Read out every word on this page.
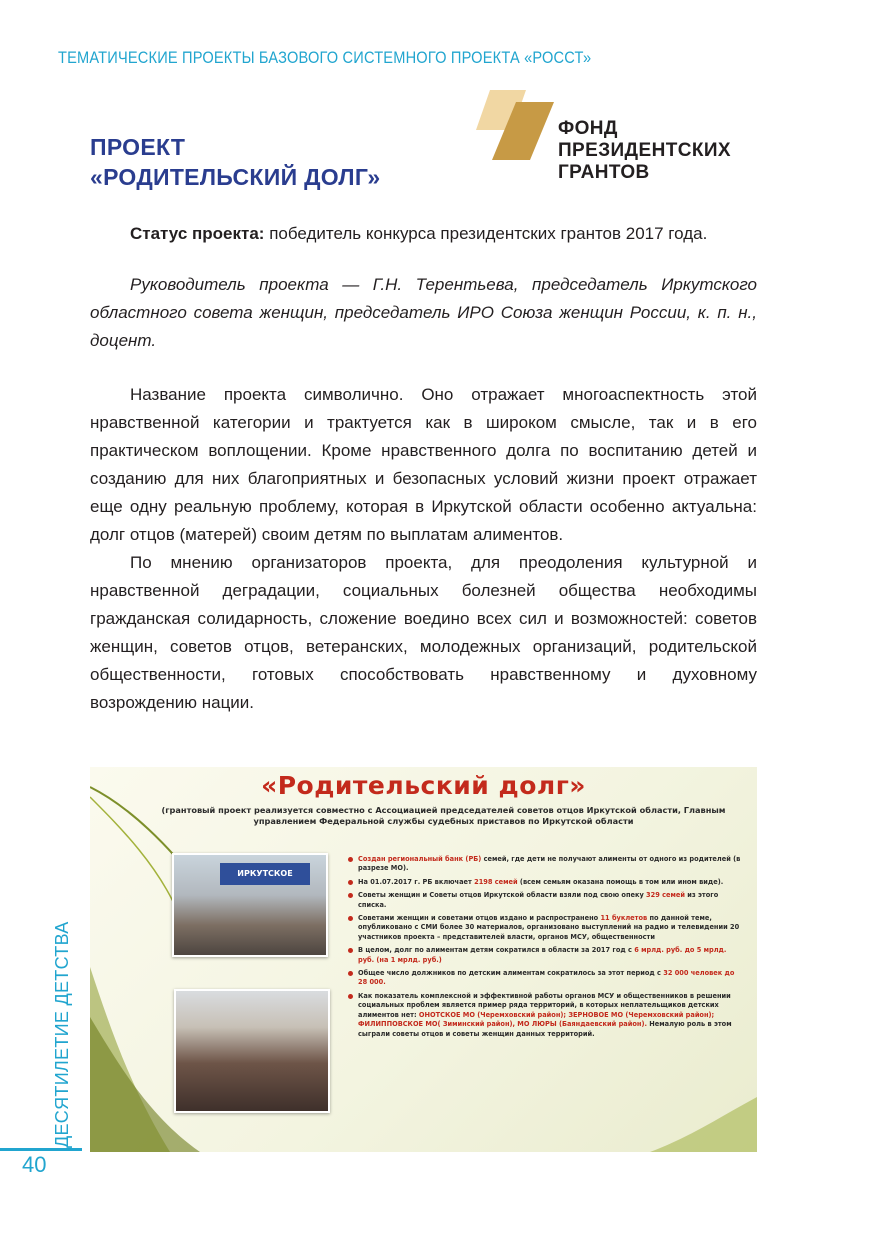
ТЕМАТИЧЕСКИЕ ПРОЕКТЫ БАЗОВОГО СИСТЕМНОГО ПРОЕКТА «РОССТ»
ПРОЕКТ
«РОДИТЕЛЬСКИЙ ДОЛГ»
ФОНД
ПРЕЗИДЕНТСКИХ
ГРАНТОВ
Статус проекта: победитель конкурса президентских грантов 2017 года.
Руководитель проекта — Г.Н. Терентьева, председатель Иркутского областного совета женщин, председатель ИРО Союза женщин России, к. п. н., доцент.

Название проекта символично. Оно отражает многоаспектность этой нравственной категории и трактуется как в широком смысле, так и в его практическом воплощении. Кроме нравственного долга по воспитанию детей и созданию для них благоприятных и безопасных условий жизни проект отражает еще одну реальную проблему, которая в Иркутской области особенно актуальна: долг отцов (матерей) своим детям по выплатам алиментов.

По мнению организаторов проекта, для преодоления культурной и нравственной деградации, социальных болезней общества необходимы гражданская солидарность, сложение воедино всех сил и возможностей: советов женщин, советов отцов, ветеранских, молодежных организаций, родительской общественности, готовых способствовать нравственному и духовному возрождению нации.

«Родительский долг»
(грантовый проект реализуется совместно с Ассоциацией председателей советов отцов Иркутской области, Главным управлением Федеральной службы судебных приставов по Иркутской области
ИРКУТСКОЕ
Создан региональный банк (РБ) семей, где дети не получают алименты от одного из родителей (в разрезе МО).
На 01.07.2017 г. РБ включает 2198 семей (всем семьям оказана помощь в том или ином виде).
Советы женщин и Советы отцов Иркутской области взяли под свою опеку 329 семей из этого списка.
Советами женщин и советами отцов издано и распространено 11 буклетов по данной теме, опубликовано с СМИ более 30 материалов, организовано выступлений на радио и телевидении 20 участников проекта – представителей власти, органов МСУ, общественности
В целом, долг по алиментам детям сократился в области за 2017 год с 6 мрлд. руб. до 5 мрлд. руб. (на 1 мрлд. руб.)
Общее число должников по детским алиментам сократилось за этот период с 32 000 человек до 28 000.
Как показатель комплексной и эффективной работы органов МСУ и общественников в решении социальных проблем является пример ряда территорий, в которых неплательщиков детских алиментов нет: ОНОТСКОЕ МО (Черемховский район); ЗЕРНОВОЕ МО (Черемховский район); ФИЛИППОВСКОЕ МО( Зиминский район), МО ЛЮРЫ (Баяндаевский район). Немалую роль в этом сыграли советы отцов и советы женщин данных территорий.
ДЕСЯТИЛЕТИЕ ДЕТСТВА
40
